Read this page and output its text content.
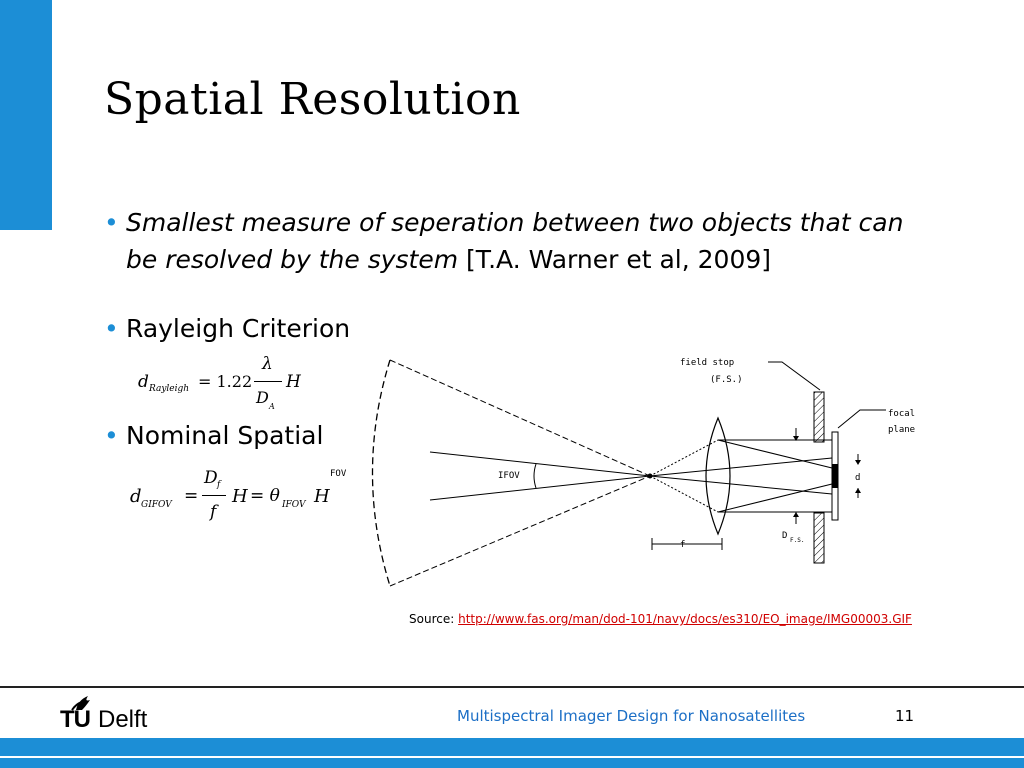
Spatial Resolution
• Smallest measure of seperation between two objects that can
be resolved by the system [T.A. Warner et al, 2009]
• Rayleigh Criterion
• Nominal Spatial
d Rayleigh = 1.22
λ
D A
H
d GIFOV =
D f
f
H = θ IFOV H
FOV	IFOV
D F.S.
d
f
field stop
(F.S.)
focal
plane
Source: http://www.fas.org/man/dod-101/navy/docs/es310/EO_image/IMG00003.GIF
TU Delft	Multispectral Imager Design for Nanosatellites	11
